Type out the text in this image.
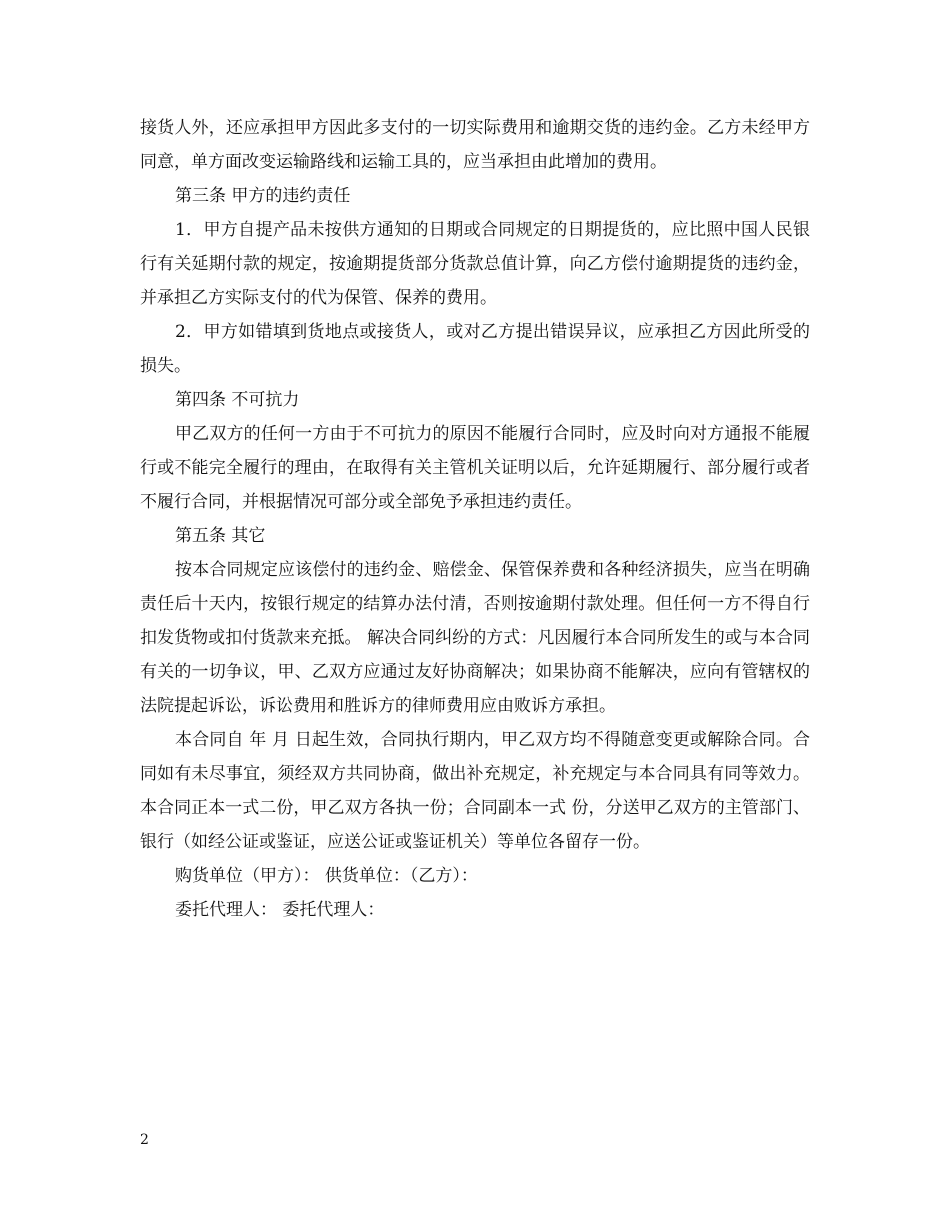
接货人外，还应承担甲方因此多支付的一切实际费用和逾期交货的违约金。乙方未经甲方同意，单方面改变运输路线和运输工具的，应当承担由此增加的费用。

第三条 甲方的违约责任

1．甲方自提产品未按供方通知的日期或合同规定的日期提货的，应比照中国人民银行有关延期付款的规定，按逾期提货部分货款总值计算，向乙方偿付逾期提货的违约金，并承担乙方实际支付的代为保管、保养的费用。

2．甲方如错填到货地点或接货人，或对乙方提出错误异议，应承担乙方因此所受的损失。

第四条 不可抗力

甲乙双方的任何一方由于不可抗力的原因不能履行合同时，应及时向对方通报不能履行或不能完全履行的理由，在取得有关主管机关证明以后，允许延期履行、部分履行或者不履行合同，并根据情况可部分或全部免予承担违约责任。

第五条 其它

按本合同规定应该偿付的违约金、赔偿金、保管保养费和各种经济损失，应当在明确责任后十天内，按银行规定的结算办法付清，否则按逾期付款处理。但任何一方不得自行扣发货物或扣付货款来充抵。 解决合同纠纷的方式：凡因履行本合同所发生的或与本合同有关的一切争议，甲、乙双方应通过友好协商解决；如果协商不能解决，应向有管辖权的法院提起诉讼，诉讼费用和胜诉方的律师费用应由败诉方承担。

本合同自 年 月 日起生效，合同执行期内，甲乙双方均不得随意变更或解除合同。合同如有未尽事宜，须经双方共同协商，做出补充规定，补充规定与本合同具有同等效力。本合同正本一式二份，甲乙双方各执一份；合同副本一式 份，分送甲乙双方的主管部门、银行（如经公证或鉴证，应送公证或鉴证机关）等单位各留存一份。

购货单位（甲方）： 供货单位：（乙方）：

委托代理人： 委托代理人：

2
